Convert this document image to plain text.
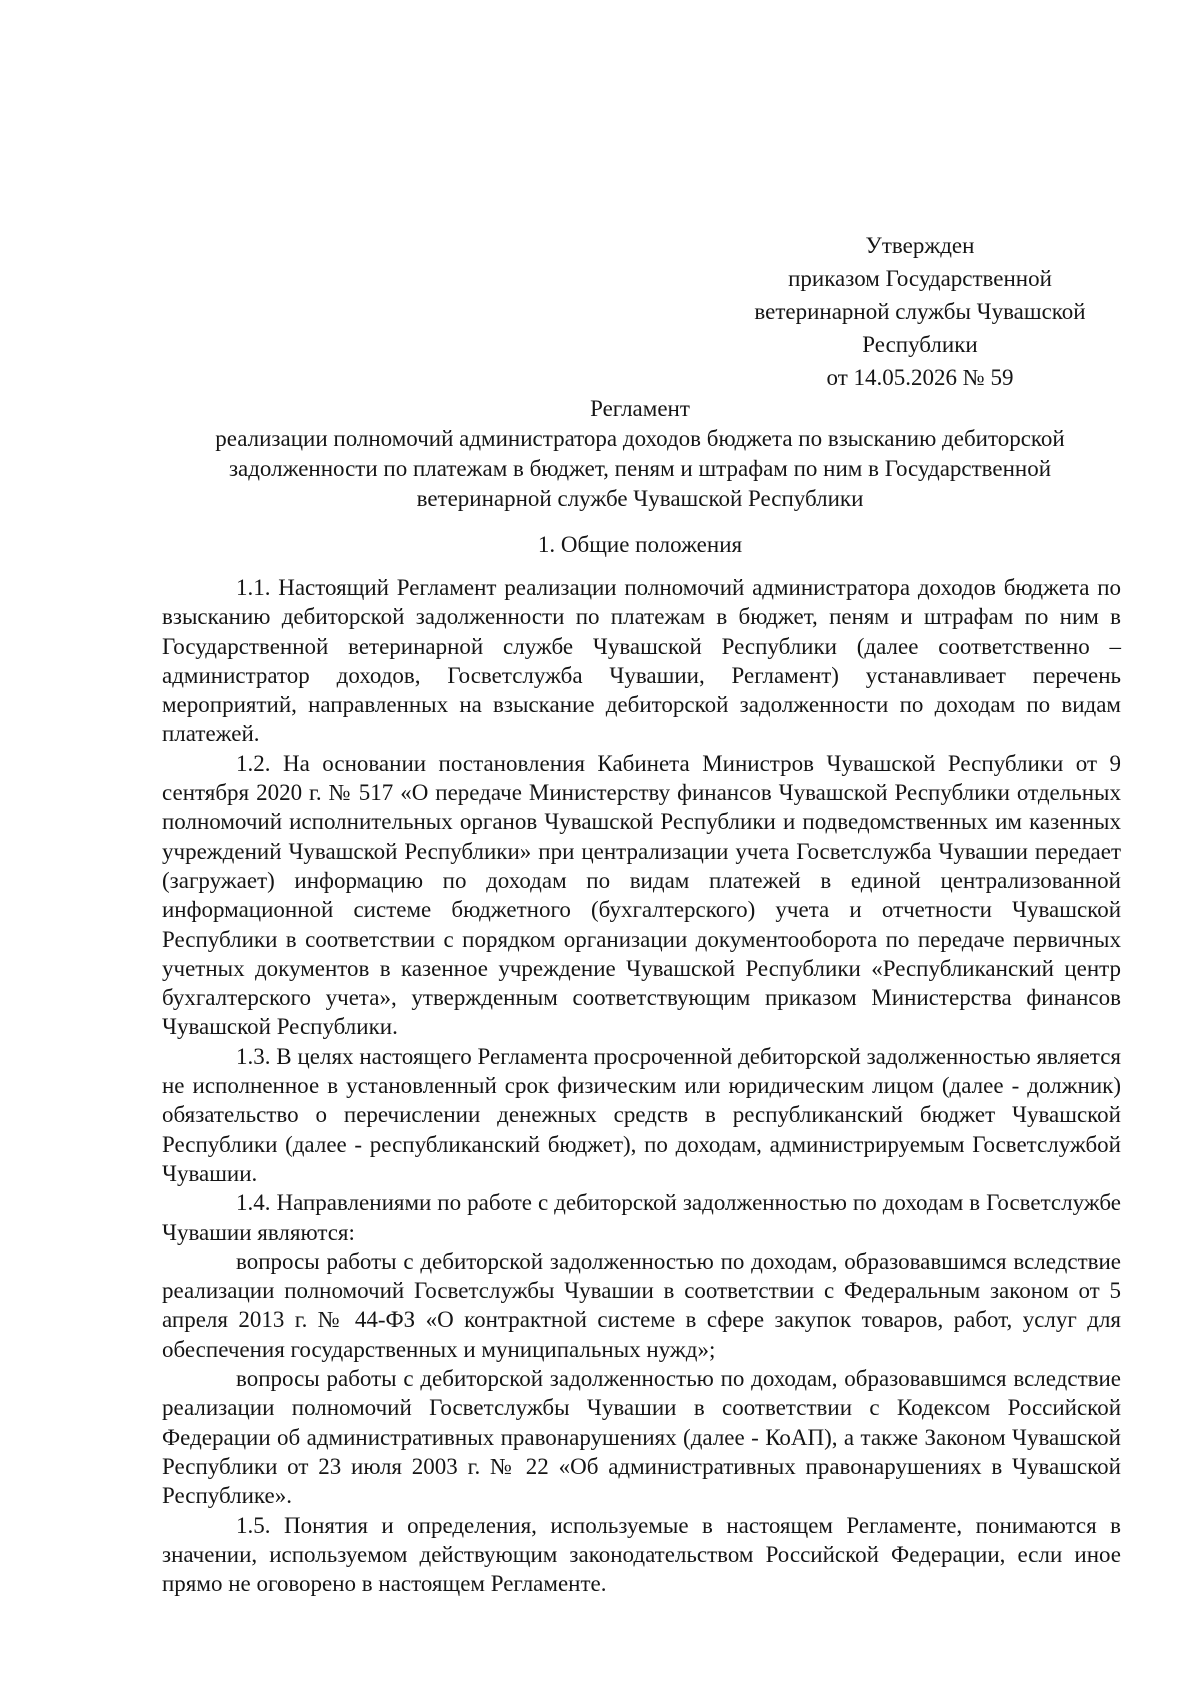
Утвержден
приказом Государственной
ветеринарной службы Чувашской
Республики
от 14.05.2026 № 59
Регламент
реализации полномочий администратора доходов бюджета по взысканию дебиторской
задолженности по платежам в бюджет, пеням и штрафам по ним в Государственной
ветеринарной службе Чувашской Республики
1. Общие положения

1.1. Настоящий Регламент реализации полномочий администратора доходов бюджета по взысканию дебиторской задолженности по платежам в бюджет, пеням и штрафам по ним в Государственной ветеринарной службе Чувашской Республики (далее соответственно – администратор доходов, Госветслужба Чувашии, Регламент) устанавливает перечень мероприятий, направленных на взыскание дебиторской задолженности по доходам по видам платежей.

1.2. На основании постановления Кабинета Министров Чувашской Республики от 9 сентября 2020 г. № 517 «О передаче Министерству финансов Чувашской Республики отдельных полномочий исполнительных органов Чувашской Республики и подведомственных им казенных учреждений Чувашской Республики» при централизации учета Госветслужба Чувашии передает (загружает) информацию по доходам по видам платежей в единой централизованной информационной системе бюджетного (бухгалтерского) учета и отчетности Чувашской Республики в соответствии с порядком организации документооборота по передаче первичных учетных документов в казенное учреждение Чувашской Республики «Республиканский центр бухгалтерского учета», утвержденным соответствующим приказом Министерства финансов Чувашской Республики.

1.3. В целях настоящего Регламента просроченной дебиторской задолженностью является не исполненное в установленный срок физическим или юридическим лицом (далее - должник) обязательство о перечислении денежных средств в республиканский бюджет Чувашской Республики (далее - республиканский бюджет), по доходам, администрируемым Госветслужбой Чувашии.

1.4. Направлениями по работе с дебиторской задолженностью по доходам в Госветслужбе Чувашии являются:

вопросы работы с дебиторской задолженностью по доходам, образовавшимся вследствие реализации полномочий Госветслужбы Чувашии в соответствии с Федеральным законом от 5 апреля 2013 г. № 44-ФЗ «О контрактной системе в сфере закупок товаров, работ, услуг для обеспечения государственных и муниципальных нужд»;

вопросы работы с дебиторской задолженностью по доходам, образовавшимся вследствие реализации полномочий Госветслужбы Чувашии в соответствии с Кодексом Российской Федерации об административных правонарушениях (далее - КоАП), а также Законом Чувашской Республики от 23 июля 2003 г. № 22 «Об административных правонарушениях в Чувашской Республике».

1.5. Понятия и определения, используемые в настоящем Регламенте, понимаются в значении, используемом действующим законодательством Российской Федерации, если иное прямо не оговорено в настоящем Регламенте.
